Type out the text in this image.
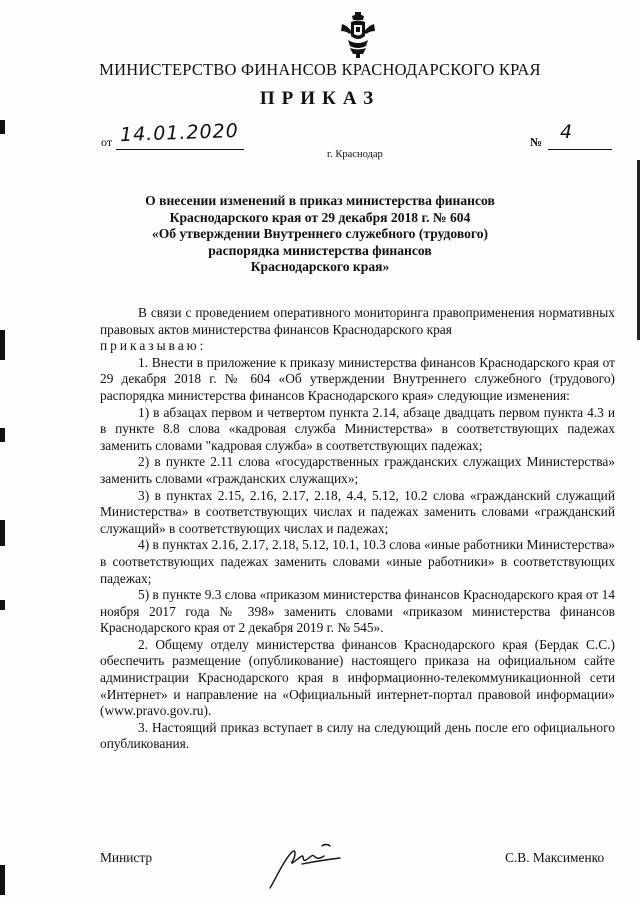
МИНИСТЕРСТВО ФИНАНСОВ КРАСНОДАРСКОГО КРАЯ
ПРИКАЗ
от 14.01.2020	№ 4
г. Краснодар
О внесении изменений в приказ министерства финансов
Краснодарского края от 29 декабря 2018 г. № 604
«Об утверждении Внутреннего служебного (трудового)
распорядка министерства финансов
Краснодарского края»

В связи с проведением оперативного мониторинга правоприменения нормативных правовых актов министерства финансов Краснодарского края

приказываю:

1. Внести в приложение к приказу министерства финансов Краснодарского края от 29 декабря 2018 г. № 604 «Об утверждении Внутреннего служебного (трудового) распорядка министерства финансов Краснодарского края» следующие изменения:

1) в абзацах первом и четвертом пункта 2.14, абзаце двадцать первом пункта 4.3 и в пункте 8.8 слова «кадровая служба Министерства» в соответствующих падежах заменить словами "кадровая служба» в соответствующих падежах;

2) в пункте 2.11 слова «государственных гражданских служащих Министерства» заменить словами «гражданских служащих»;

3) в пунктах 2.15, 2.16, 2.17, 2.18, 4.4, 5.12, 10.2 слова «гражданский служащий Министерства» в соответствующих числах и падежах заменить словами «гражданский служащий» в соответствующих числах и падежах;

4) в пунктах 2.16, 2.17, 2.18, 5.12, 10.1, 10.3 слова «иные работники Министерства» в соответствующих падежах заменить словами «иные работники» в соответствующих падежах;

5) в пункте 9.3 слова «приказом министерства финансов Краснодарского края от 14 ноября 2017 года № 398» заменить словами «приказом министерства финансов Краснодарского края от 2 декабря 2019 г. № 545».

2. Общему отделу министерства финансов Краснодарского края (Бердак С.С.) обеспечить размещение (опубликование) настоящего приказа на официальном сайте администрации Краснодарского края в информационно-телекоммуникационной сети «Интернет» и направление на «Официальный интернет-портал правовой информации» (www.pravo.gov.ru).

3. Настоящий приказ вступает в силу на следующий день после его официального опубликования.

Министр	С.В. Максименко
